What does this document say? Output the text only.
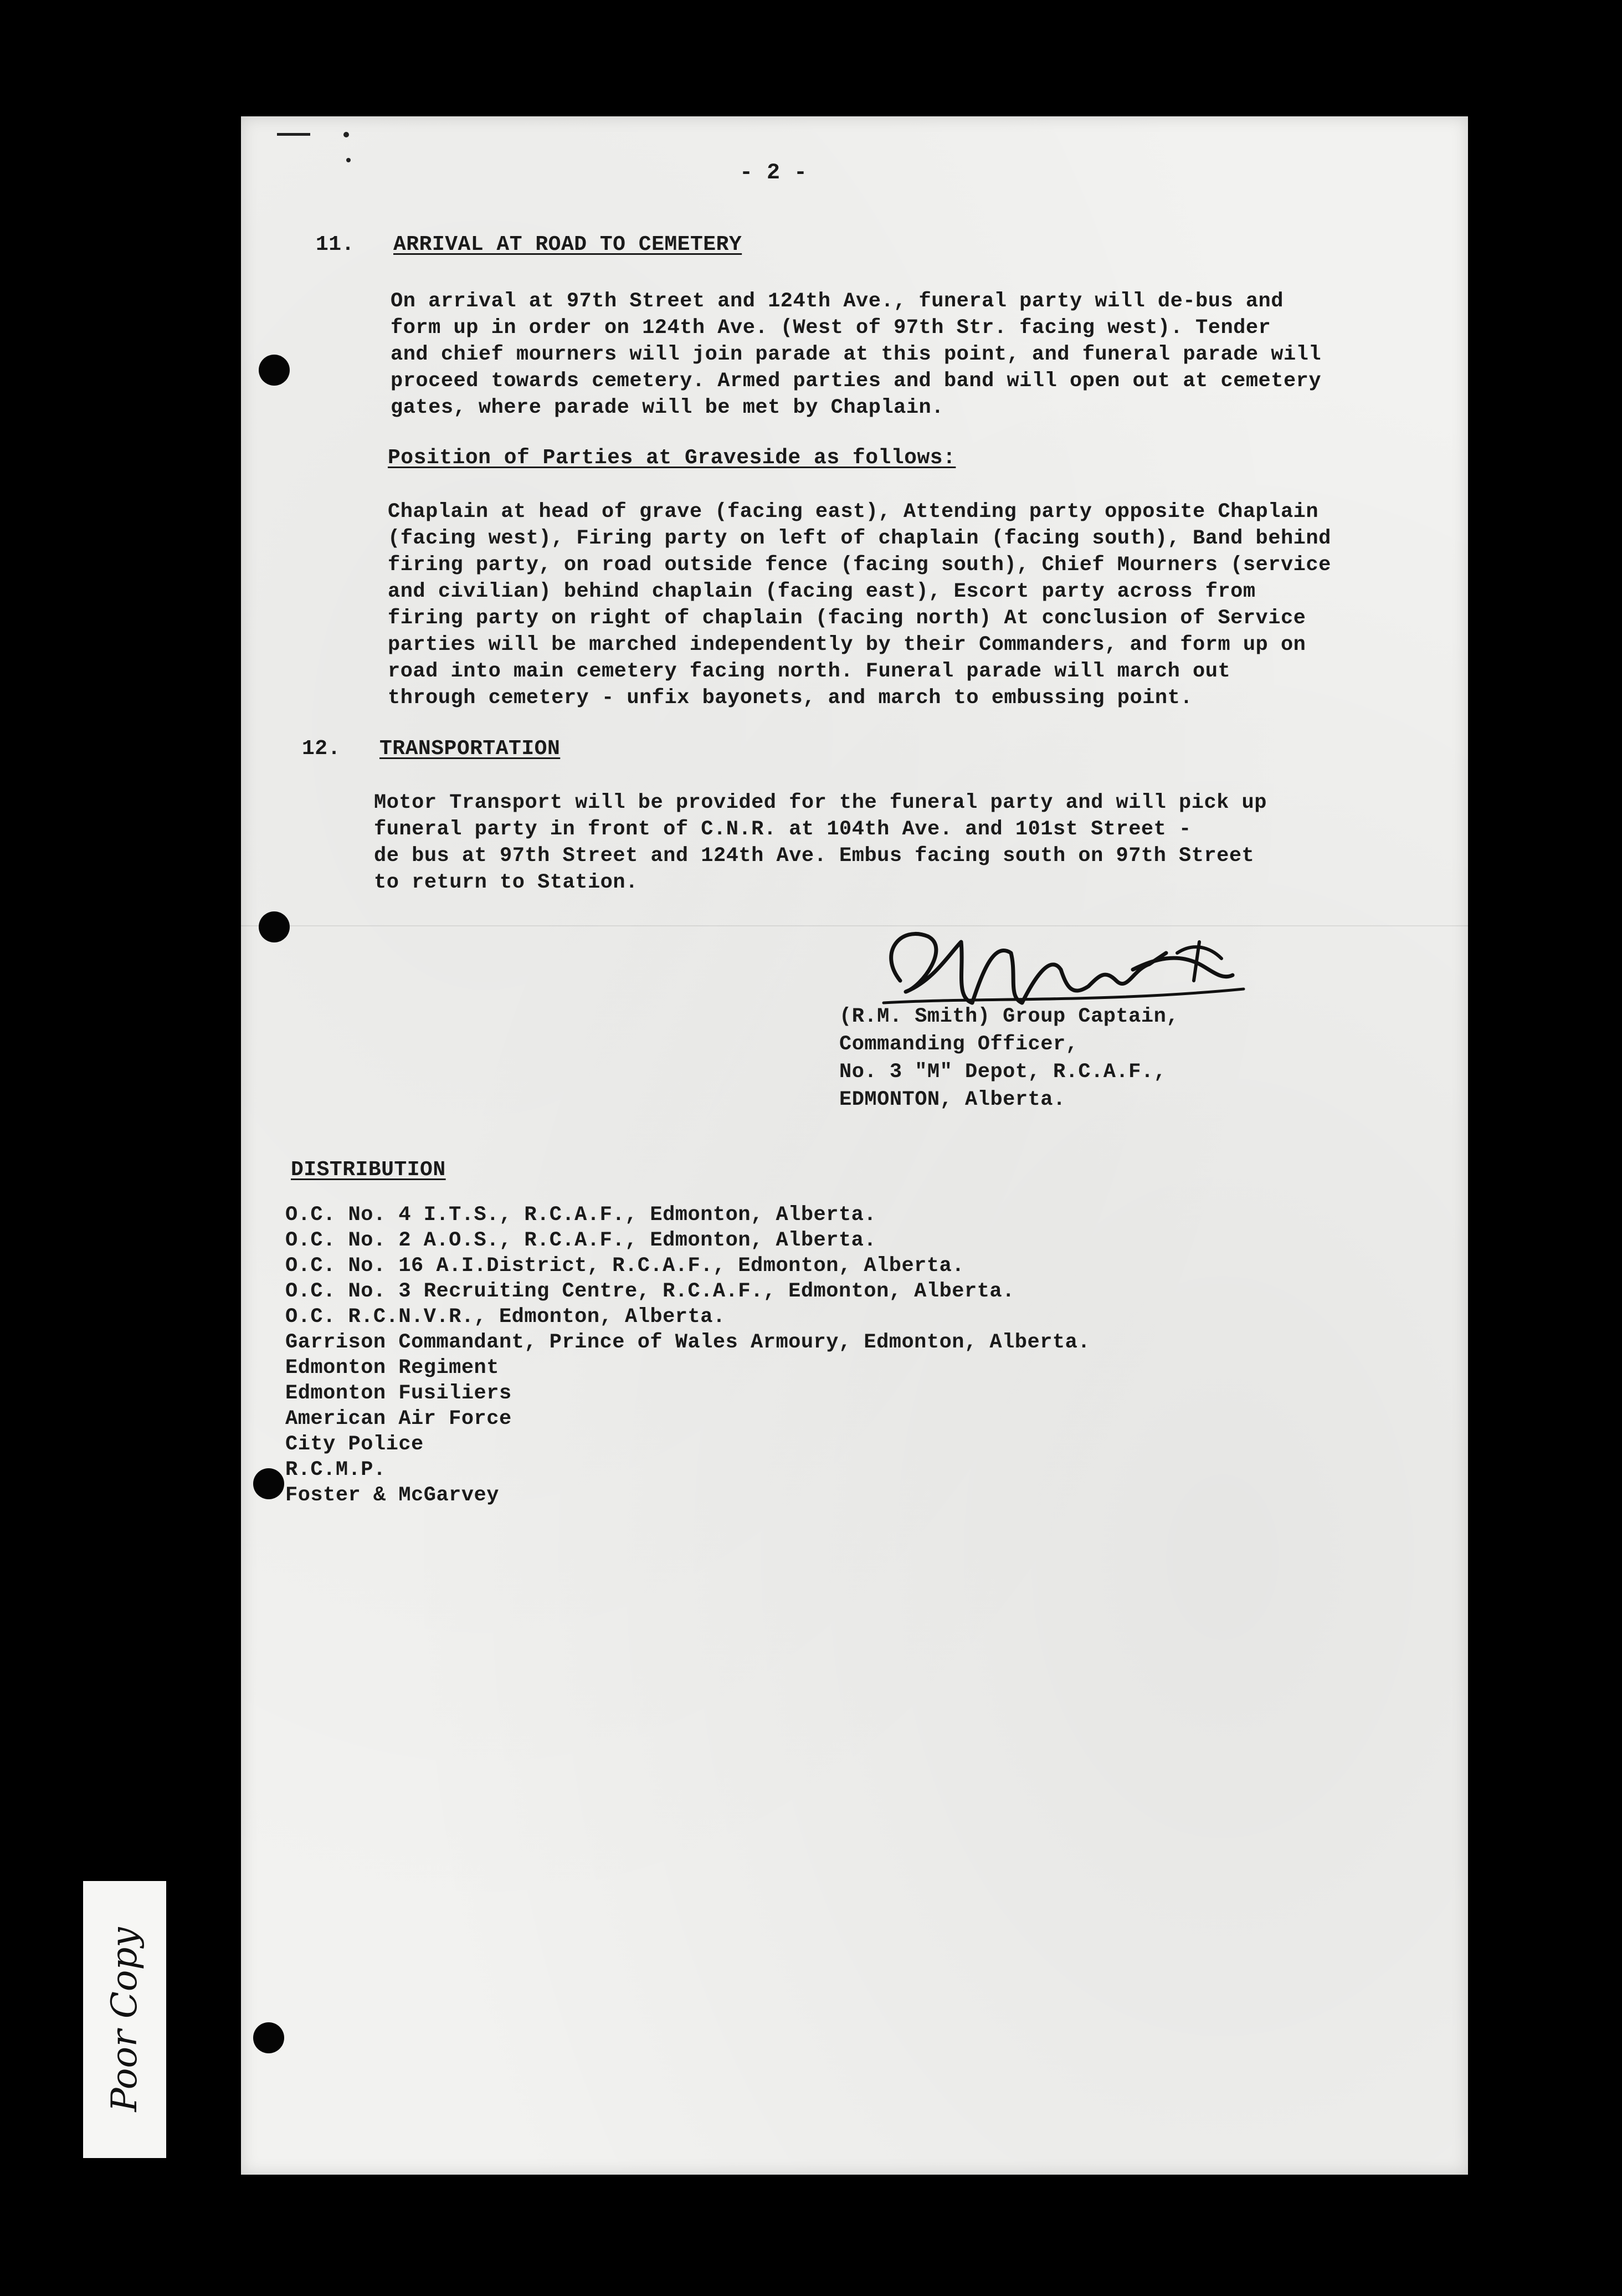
- 2 -
11. ARRIVAL AT ROAD TO CEMETERY
On arrival at 97th Street and 124th Ave., funeral party will de-bus and
form up in order on 124th Ave. (West of 97th Str. facing west). Tender
and chief mourners will join parade at this point, and funeral parade will
proceed towards cemetery. Armed parties and band will open out at cemetery
gates, where parade will be met by Chaplain.
Position of Parties at Graveside as follows:
Chaplain at head of grave (facing east), Attending party opposite Chaplain
(facing west), Firing party on left of chaplain (facing south), Band behind
firing party, on road outside fence (facing south), Chief Mourners (service
and civilian) behind chaplain (facing east), Escort party across from
firing party on right of chaplain (facing north) At conclusion of Service
parties will be marched independently by their Commanders, and form up on
road into main cemetery facing north. Funeral parade will march out
through cemetery - unfix bayonets, and march to embussing point.
12. TRANSPORTATION
Motor Transport will be provided for the funeral party and will pick up
funeral party in front of C.N.R. at 104th Ave. and 101st Street -
de bus at 97th Street and 124th Ave. Embus facing south on 97th Street
to return to Station.
(R.M. Smith) Group Captain,
Commanding Officer,
No. 3 "M" Depot, R.C.A.F.,
EDMONTON, Alberta.
DISTRIBUTION
O.C. No. 4 I.T.S., R.C.A.F., Edmonton, Alberta.
O.C. No. 2 A.O.S., R.C.A.F., Edmonton, Alberta.
O.C. No. 16 A.I.District, R.C.A.F., Edmonton, Alberta.
O.C. No. 3 Recruiting Centre, R.C.A.F., Edmonton, Alberta.
O.C. R.C.N.V.R., Edmonton, Alberta.
Garrison Commandant, Prince of Wales Armoury, Edmonton, Alberta.
Edmonton Regiment
Edmonton Fusiliers
American Air Force
City Police
R.C.M.P.
Foster & McGarvey
Poor Copy
